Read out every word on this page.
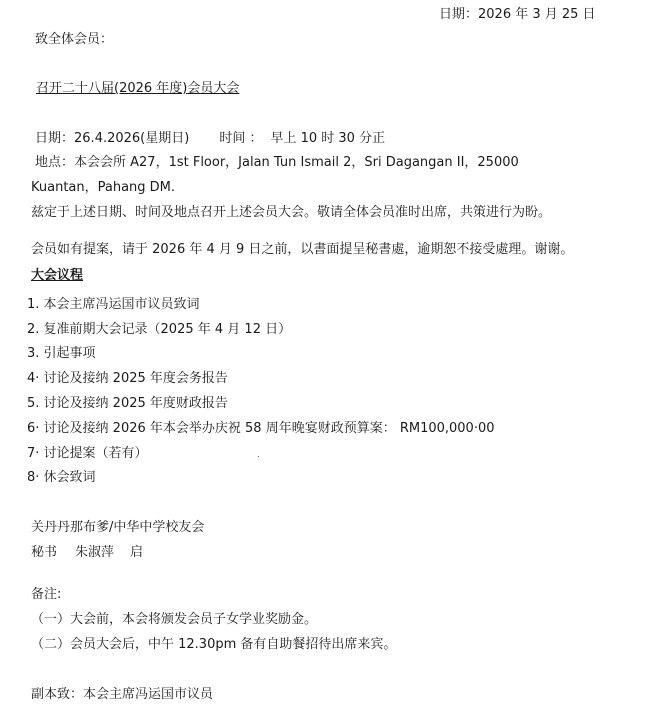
日期：2026 年 3 月 25 日
致全体会员：
召开二十八届(2026 年度)会员大会
日期：26.4.2026(星期日) 时间 ： 早上 10 时 30 分正
地点：本会会所 A27，1st Floor，Jalan Tun Ismail 2，Sri Dagangan II，25000
Kuantan，Pahang DM.
兹定于上述日期、时间及地点召开上述会员大会。敬请全体会员准时出席，共策进行为盼。
会员如有提案，请于 2026 年 4 月 9 日之前，以書面提呈秘書處，逾期恕不接受處理。谢谢。
大会议程
1. 本会主席冯运国市议员致词
2. 复准前期大会记录（2025 年 4 月 12 日）
3. 引起事项
4· 讨论及接纳 2025 年度会务报告
5. 讨论及接纳 2025 年度财政报告
6· 讨论及接纳 2026 年本会举办庆祝 58 周年晚宴财政预算案： RM100,000·00
7· 讨论提案（若有）
8· 休会致词
关丹丹那布爹/中华中学校友会
秘书 朱淑萍 启
备注:
（一）大会前，本会将颁发会员子女学业奖励金。
（二）会员大会后，中午 12.30pm 备有自助餐招待出席来宾。
副本致：本会主席冯运国市议员
